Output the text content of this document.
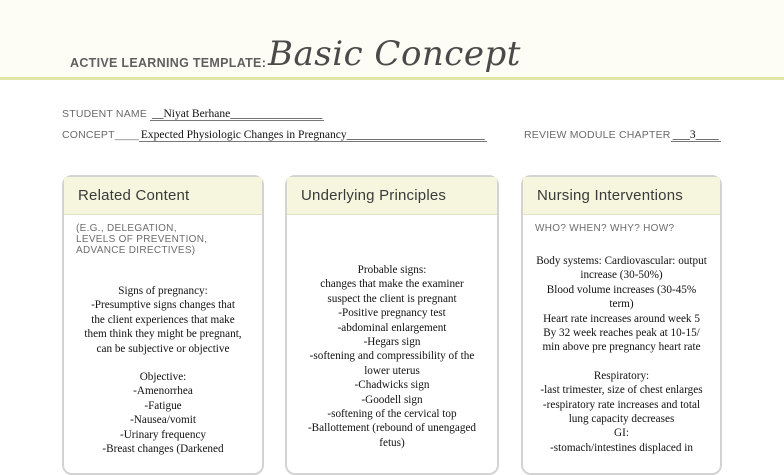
ACTIVE LEARNING TEMPLATE: Basic Concept
STUDENT NAME __Niyat Berhane________________
CONCEPT____ Expected Physiologic Changes in Pregnancy________________________	REVIEW MODULE CHAPTER ___3____
Related Content
(E.G., DELEGATION,
LEVELS OF PREVENTION,
ADVANCE DIRECTIVES)
Signs of pregnancy:
-Presumptive signs changes that
the client experiences that make
them think they might be pregnant,
can be subjective or objective
Objective:
-Amenorrhea
-Fatigue
-Nausea/vomit
-Urinary frequency
-Breast changes (Darkened
Underlying Principles
Probable signs:
changes that make the examiner
suspect the client is pregnant
-Positive pregnancy test
-abdominal enlargement
-Hegars sign
-softening and compressibility of the
lower uterus
-Chadwicks sign
-Goodell sign
-softening of the cervical top
-Ballottement (rebound of unengaged
fetus)
Nursing Interventions
WHO? WHEN? WHY? HOW?
Body systems: Cardiovascular: output
increase (30-50%)
Blood volume increases (30-45%
term)
Heart rate increases around week 5
By 32 week reaches peak at 10-15/
min above pre pregnancy heart rate
Respiratory:
-last trimester, size of chest enlarges
-respiratory rate increases and total
lung capacity decreases
GI:
-stomach/intestines displaced in
